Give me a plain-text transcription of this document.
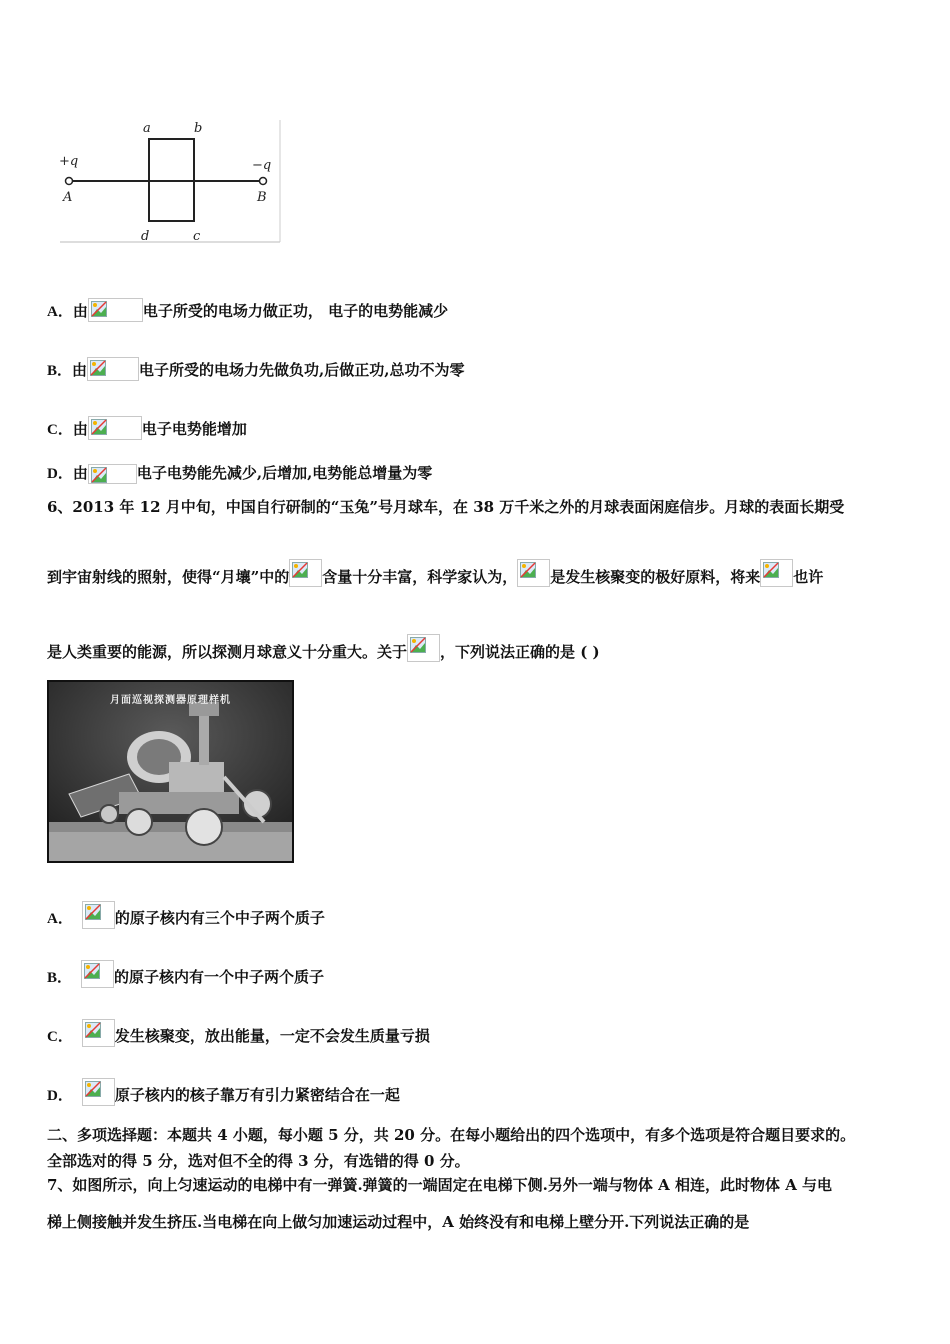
a	b
d	c
+q	−q
A	B
A．由	电子所受的电场力做正功， 电子的电势能减少
B．由	电子所受的电场力先做负功,后做正功,总功不为零
C．由	电子电势能增加
D．由	电子电势能先减少,后增加,电势能总增量为零
6、2013 年 12 月中旬，中国自行研制的“玉兔”号月球车，在 38 万千米之外的月球表面闲庭信步。月球的表面长期受
到宇宙射线的照射，使得“月壤”中的 含量十分丰富，科学家认为， 是发生核聚变的极好原料，将来 也许
是人类重要的能源，所以探测月球意义十分重大。关于 ，下列说法正确的是 ( )
月面巡视探测器原理样机
A．	的原子核内有三个中子两个质子
B．	的原子核内有一个中子两个质子
C．	发生核聚变，放出能量，一定不会发生质量亏损
D．	原子核内的核子靠万有引力紧密结合在一起
二、多项选择题：本题共 4 小题，每小题 5 分，共 20 分。在每小题给出的四个选项中，有多个选项是符合题目要求的。
全部选对的得 5 分，选对但不全的得 3 分，有选错的得 0 分。
7、如图所示，向上匀速运动的电梯中有一弹簧.弹簧的一端固定在电梯下侧.另外一端与物体 A 相连，此时物体 A 与电
梯上侧接触并发生挤压.当电梯在向上做匀加速运动过程中，A 始终没有和电梯上壁分开.下列说法正确的是
